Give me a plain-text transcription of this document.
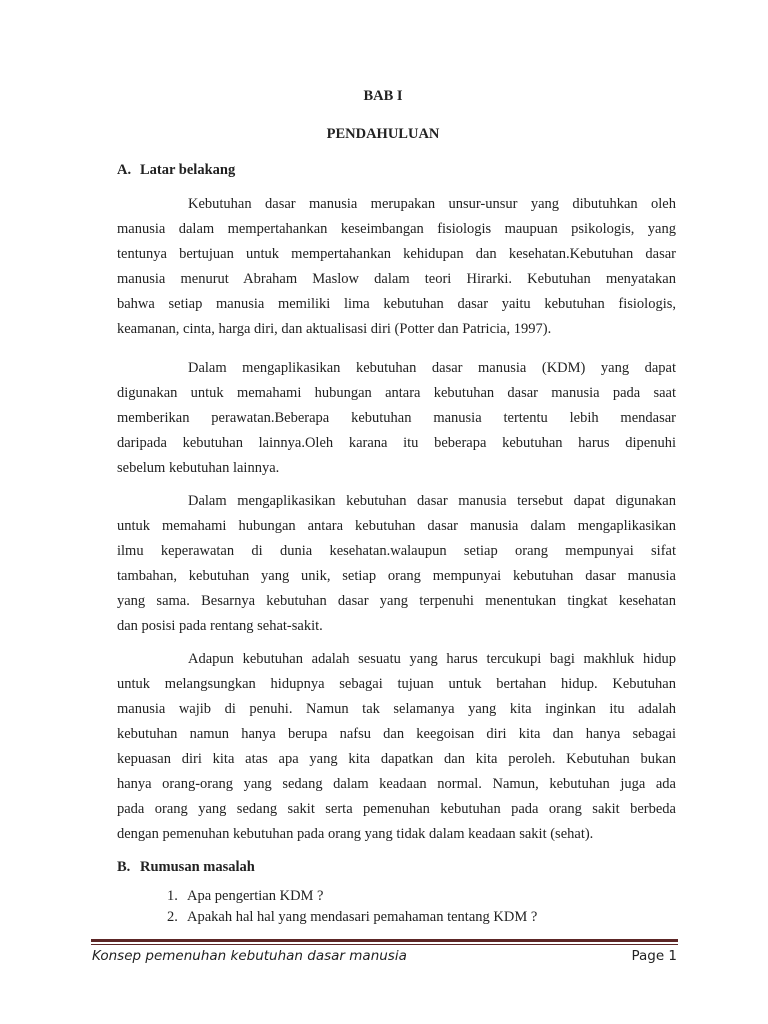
BAB I
PENDAHULUAN
A. Latar belakang
Kebutuhan dasar manusia merupakan unsur-unsur yang dibutuhkan oleh
manusia dalam mempertahankan keseimbangan fisiologis maupuan psikologis, yang
tentunya bertujuan untuk mempertahankan kehidupan dan kesehatan.Kebutuhan dasar
manusia menurut Abraham Maslow dalam teori Hirarki. Kebutuhan menyatakan
bahwa setiap manusia memiliki lima kebutuhan dasar yaitu kebutuhan fisiologis,
keamanan, cinta, harga diri, dan aktualisasi diri (Potter dan Patricia, 1997).
Dalam mengaplikasikan kebutuhan dasar manusia (KDM) yang dapat
digunakan untuk memahami hubungan antara kebutuhan dasar manusia pada saat
memberikan perawatan.Beberapa kebutuhan manusia tertentu lebih mendasar
daripada kebutuhan lainnya.Oleh karana itu beberapa kebutuhan harus dipenuhi
sebelum kebutuhan lainnya.
Dalam mengaplikasikan kebutuhan dasar manusia tersebut dapat digunakan
untuk memahami hubungan antara kebutuhan dasar manusia dalam mengaplikasikan
ilmu keperawatan di dunia kesehatan.walaupun setiap orang mempunyai sifat
tambahan, kebutuhan yang unik, setiap orang mempunyai kebutuhan dasar manusia
yang sama. Besarnya kebutuhan dasar yang terpenuhi menentukan tingkat kesehatan
dan posisi pada rentang sehat-sakit.
Adapun kebutuhan adalah sesuatu yang harus tercukupi bagi makhluk hidup
untuk melangsungkan hidupnya sebagai tujuan untuk bertahan hidup. Kebutuhan
manusia wajib di penuhi. Namun tak selamanya yang kita inginkan itu adalah
kebutuhan namun hanya berupa nafsu dan keegoisan diri kita dan hanya sebagai
kepuasan diri kita atas apa yang kita dapatkan dan kita peroleh. Kebutuhan bukan
hanya orang-orang yang sedang dalam keadaan normal. Namun, kebutuhan juga ada
pada orang yang sedang sakit serta pemenuhan kebutuhan pada orang sakit berbeda
dengan pemenuhan kebutuhan pada orang yang tidak dalam keadaan sakit (sehat).
B. Rumusan masalah
1. Apa pengertian KDM ?
2. Apakah hal hal yang mendasari pemahaman tentang KDM ?
Konsep pemenuhan kebutuhan dasar manusia	Page 1
